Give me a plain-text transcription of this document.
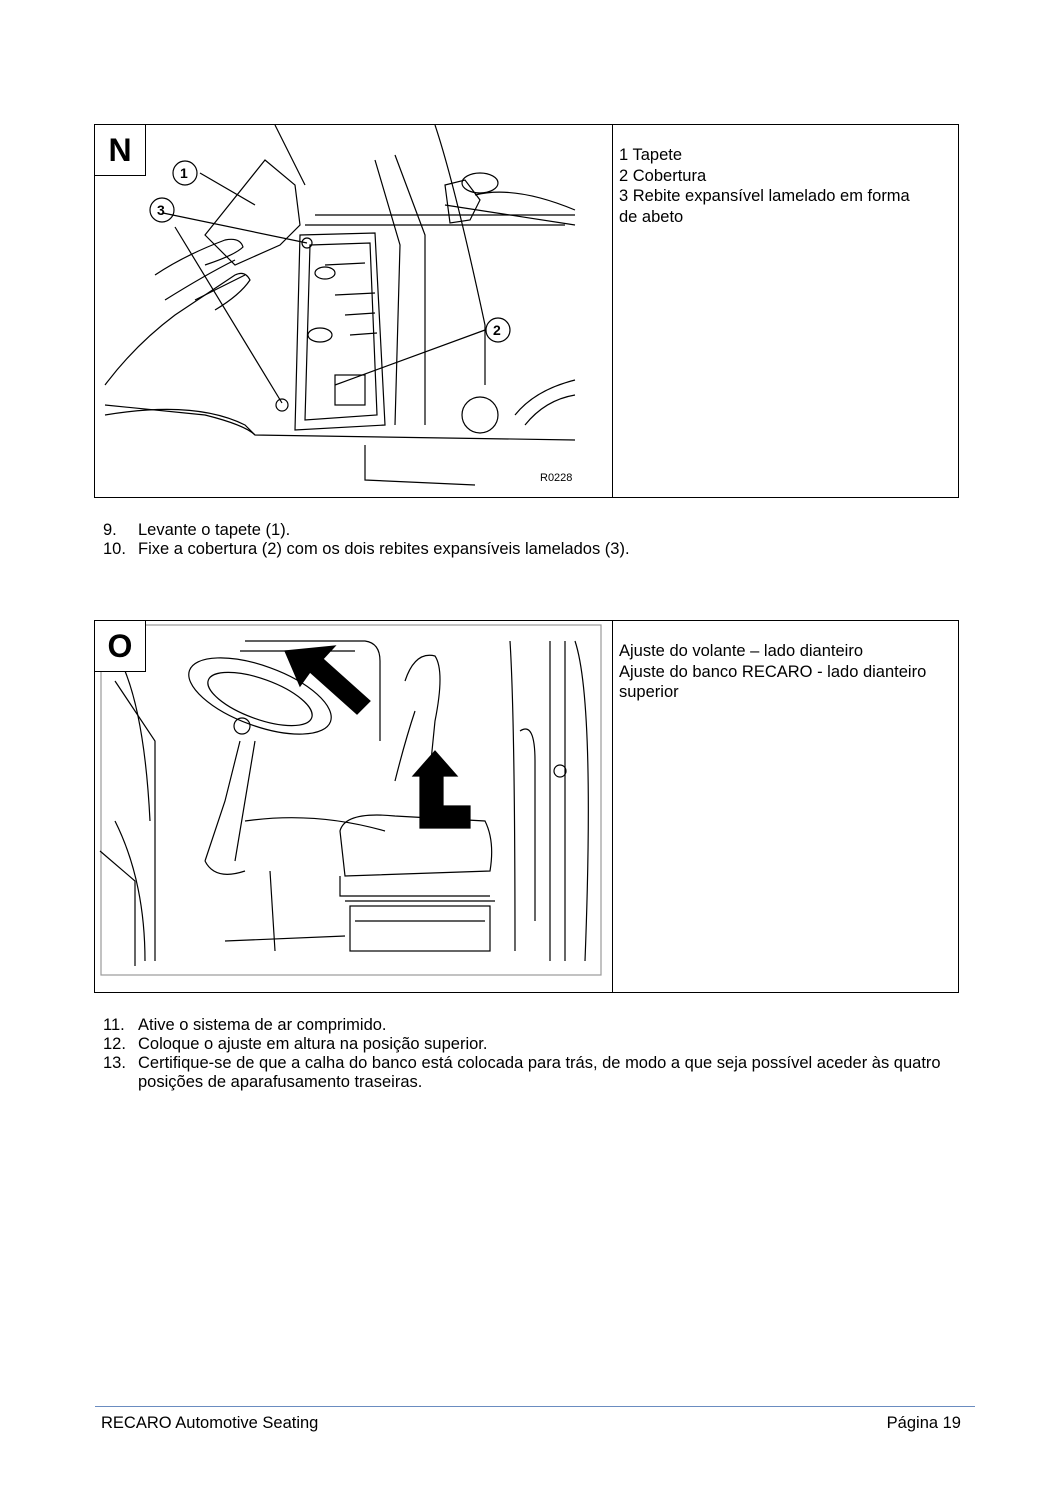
N
1
3
2
R0228
1 Tapete
2 Cobertura
3 Rebite expansível lamelado em forma
de abeto
9. Levante o tapete (1).
10. Fixe a cobertura (2) com os dois rebites expansíveis lamelados (3).
O	Ajuste do volante – lado dianteiro
Ajuste do banco RECARO - lado dianteiro
superior
11. Ative o sistema de ar comprimido.
12. Coloque o ajuste em altura na posição superior.
13. Certifique-se de que a calha do banco está colocada para trás, de modo a que seja possível aceder às quatro posições de aparafusamento traseiras.
RECARO Automotive Seating	Página 19
